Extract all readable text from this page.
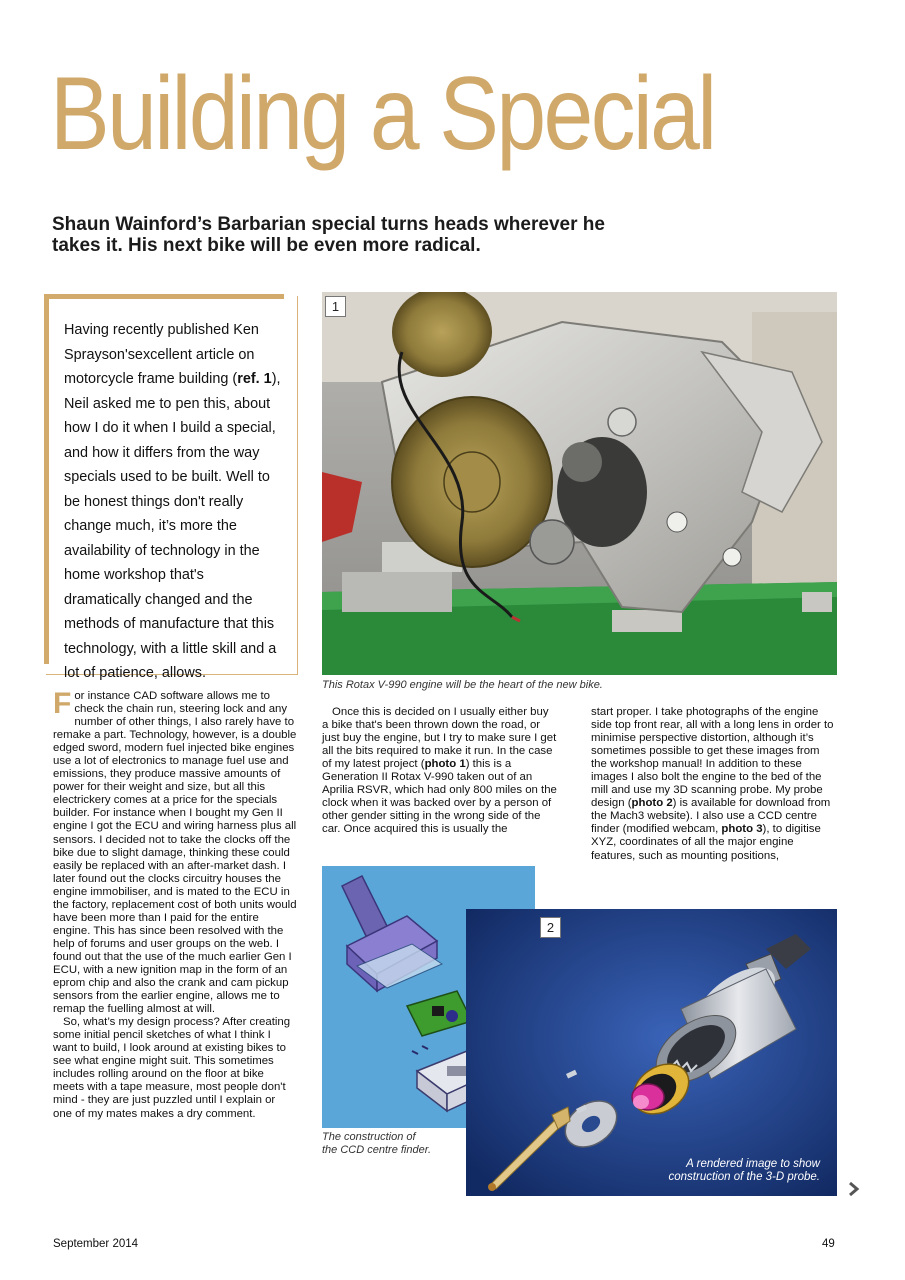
Building a Special
Shaun Wainford’s Barbarian special turns heads wherever he takes it. His next bike will be even more radical.
Having recently published Ken Sprayson'sexcellent article on motorcycle frame building (ref. 1), Neil asked me to pen this, about how I do it when I build a special, and how it differs from the way specials used to be built. Well to be honest things don't really change much, it’s more the availability of technology in the home workshop that's dramatically changed and the methods of manufacture that this technology, with a little skill and a lot of patience, allows.
1
This Rotax V-990 engine will be the heart of the new bike.

For instance CAD software allows me to check the chain run, steering lock and any number of other things, I also rarely have to remake a part. Technology, however, is a double edged sword, modern fuel injected bike engines use a lot of electronics to manage fuel use and emissions, they produce massive amounts of power for their weight and size, but all this electrickery comes at a price for the specials builder. For instance when I bought my Gen II engine I got the ECU and wiring harness plus all sensors. I decided not to take the clocks off the bike due to slight damage, thinking these could easily be replaced with an after-market dash. I later found out the clocks circuitry houses the engine immobiliser, and is mated to the ECU in the factory, replacement cost of both units would have been more than I paid for the entire engine. This has since been resolved with the help of forums and user groups on the web. I found out that the use of the much earlier Gen I ECU, with a new ignition map in the form of an eprom chip and also the crank and cam pickup sensors from the earlier engine, allows me to remap the fuelling almost at will.

So, what’s my design process? After creating some initial pencil sketches of what I think I want to build, I look around at existing bikes to see what engine might suit. This sometimes includes rolling around on the floor at bike meets with a tape measure, most people don't mind - they are just puzzled until I explain or one of my mates makes a dry comment.

Once this is decided on I usually either buy a bike that's been thrown down the road, or just buy the engine, but I try to make sure I get all the bits required to make it run. In the case of my latest project (photo 1) this is a Generation II Rotax V-990 taken out of an Aprilia RSVR, which had only 800 miles on the clock when it was backed over by a person of other gender sitting in the wrong side of the car. Once acquired this is usually the

start proper. I take photographs of the engine side top front rear, all with a long lens in order to minimise perspective distortion, although it’s sometimes possible to get these images from the workshop manual! In addition to these images I also bolt the engine to the bed of the mill and use my 3D scanning probe. My probe design (photo 2) is available for download from the Mach3 website). I also use a CCD centre finder (modified webcam, photo 3), to digitise XYZ, coordinates of all the major engine features, such as mounting positions,

The construction of the CCD centre finder.
2
A rendered image to show construction of the 3-D probe.
September 2014	49
